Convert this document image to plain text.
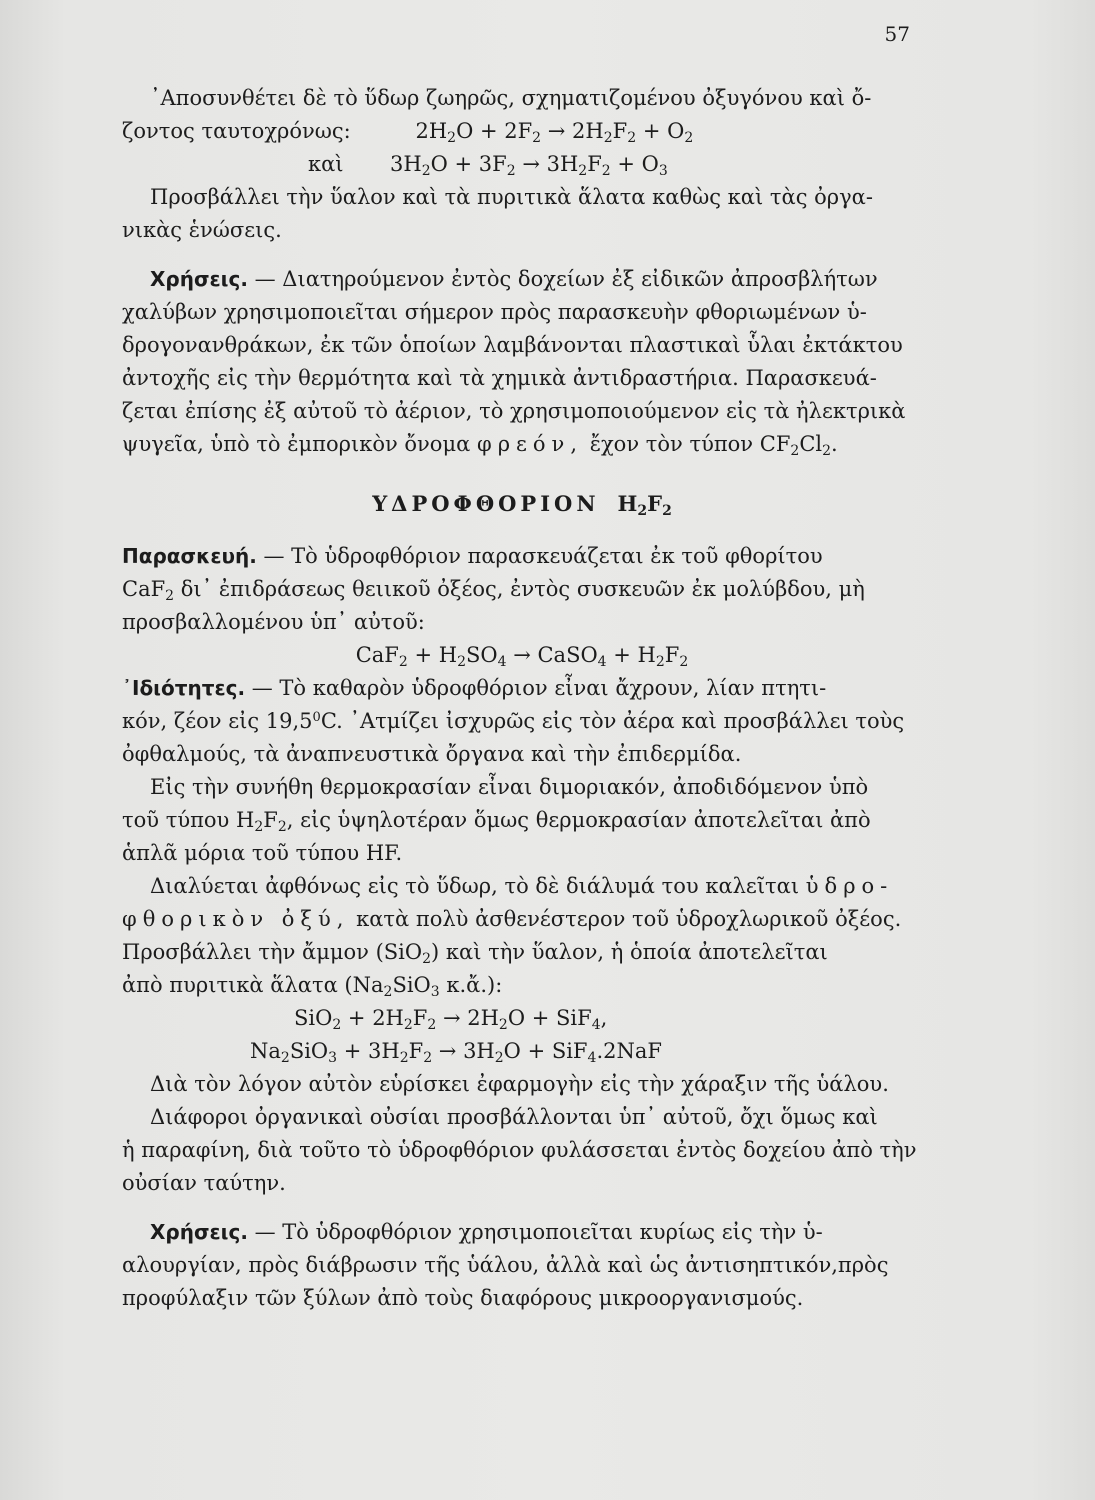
57
᾽Αποσυνθέτει δὲ τὸ ὕδωρ ζωηρῶς, σχηματιζομένου ὀξυγόνου καὶ ὄ-
ζοντος ταυτοχρόνως:	$2H_2O + 2F_2 \to 2H_2F_2 + O_2$
καὶ $3H_2O + 3F_2 \to 3H_2F_2 + O_3$
Προσβάλλει τὴν ὕαλον καὶ τὰ πυριτικὰ ἅλατα καθὼς καὶ τὰς ὀργα-
νικὰς ἑνώσεις.
Χρήσεις. — Διατηρούμενον ἐντὸς δοχείων ἐξ εἰδικῶν ἀπροσβλήτων
χαλύβων χρησιμοποιεῖται σήμερον πρὸς παρασκευὴν φθοριωμένων ὑ-
δρογονανθράκων, ἐκ τῶν ὁποίων λαμβάνονται πλαστικαὶ ὗλαι ἐκτάκτου
ἀντοχῆς εἰς τὴν θερμότητα καὶ τὰ χημικὰ ἀντιδραστήρια. Παρασκευά-
ζεται ἐπίσης ἐξ αὐτοῦ τὸ ἀέριον, τὸ χρησιμοποιούμενον εἰς τὰ ἠλεκτρικὰ
ψυγεῖα, ὑπὸ τὸ ἐμπορικὸν ὄνομα φρεόν, ἔχον τὸν τύπον $CF_2Cl_2$.
ΥΔΡΟΦΘΟΡΙΟΝ $H_2F_2$
Παρασκευή. — Τὸ ὑδροφθόριον παρασκευάζεται ἐκ τοῦ φθορίτου
CaF$_2$ δι᾽ ἐπιδράσεως θειικοῦ ὀξέος, ἐντὸς συσκευῶν ἐκ μολύβδου, μὴ
προσβαλλομένου ὑπ᾽ αὐτοῦ:
$CaF_2 + H_2SO_4$ → CaSO$_4$ + $H_2F_2$
᾽Ιδιότητες. — Τὸ καθαρὸν ὑδροφθόριον εἶναι ἄχρουν, λίαν πτητι-
κόν, ζέον εἰς 19,5$^0$C. ᾽Ατμίζει ἰσχυρῶς εἰς τὸν ἀέρα καὶ προσβάλλει τοὺς
ὀφθαλμούς, τὰ ἀναπνευστικὰ ὄργανα καὶ τὴν ἐπιδερμίδα.
Εἰς τὴν συνήθη θερμοκρασίαν εἶναι διμοριακόν, ἀποδιδόμενον ὑπὸ
τοῦ τύπου $H_2F_2$, εἰς ὑψηλοτέραν ὅμως θερμοκρασίαν ἀποτελεῖται ἀπὸ
ἁπλᾶ μόρια τοῦ τύπου HF.
Διαλύεται ἀφθόνως εἰς τὸ ὕδωρ, τὸ δὲ διάλυμά του καλεῖται ὑδρο-
φθορικὸν ὀξύ, κατὰ πολὺ ἀσθενέστερον τοῦ ὑδροχλωρικοῦ ὀξέος.
Προσβάλλει τὴν ἄμμον (SiO$_2$) καὶ τὴν ὕαλον, ἡ ὁποία ἀποτελεῖται
ἀπὸ πυριτικὰ ἅλατα ($Na_2SiO_3$ κ.ἄ.):
$SiO_2 + 2H_2F_2 \to 2H_2O + SiF_4$,
$Na_2SiO_3 + 3H_2F_2 \to 3H_2O + SiF_4.2NaF$
Διὰ τὸν λόγον αὐτὸν εὑρίσκει ἐφαρμογὴν εἰς τὴν χάραξιν τῆς ὑάλου.
Διάφοροι ὀργανικαὶ οὐσίαι προσβάλλονται ὑπ᾽ αὐτοῦ, ὄχι ὅμως καὶ
ἡ παραφίνη, διὰ τοῦτο τὸ ὑδροφθόριον φυλάσσεται ἐντὸς δοχείου ἀπὸ τὴν
οὐσίαν ταύτην.
Χρήσεις. — Τὸ ὑδροφθόριον χρησιμοποιεῖται κυρίως εἰς τὴν ὑ-
αλουργίαν, πρὸς διάβρωσιν τῆς ὑάλου, ἀλλὰ καὶ ὡς ἀντισηπτικόν,πρὸς
προφύλαξιν τῶν ξύλων ἀπὸ τοὺς διαφόρους μικροοργανισμούς.
